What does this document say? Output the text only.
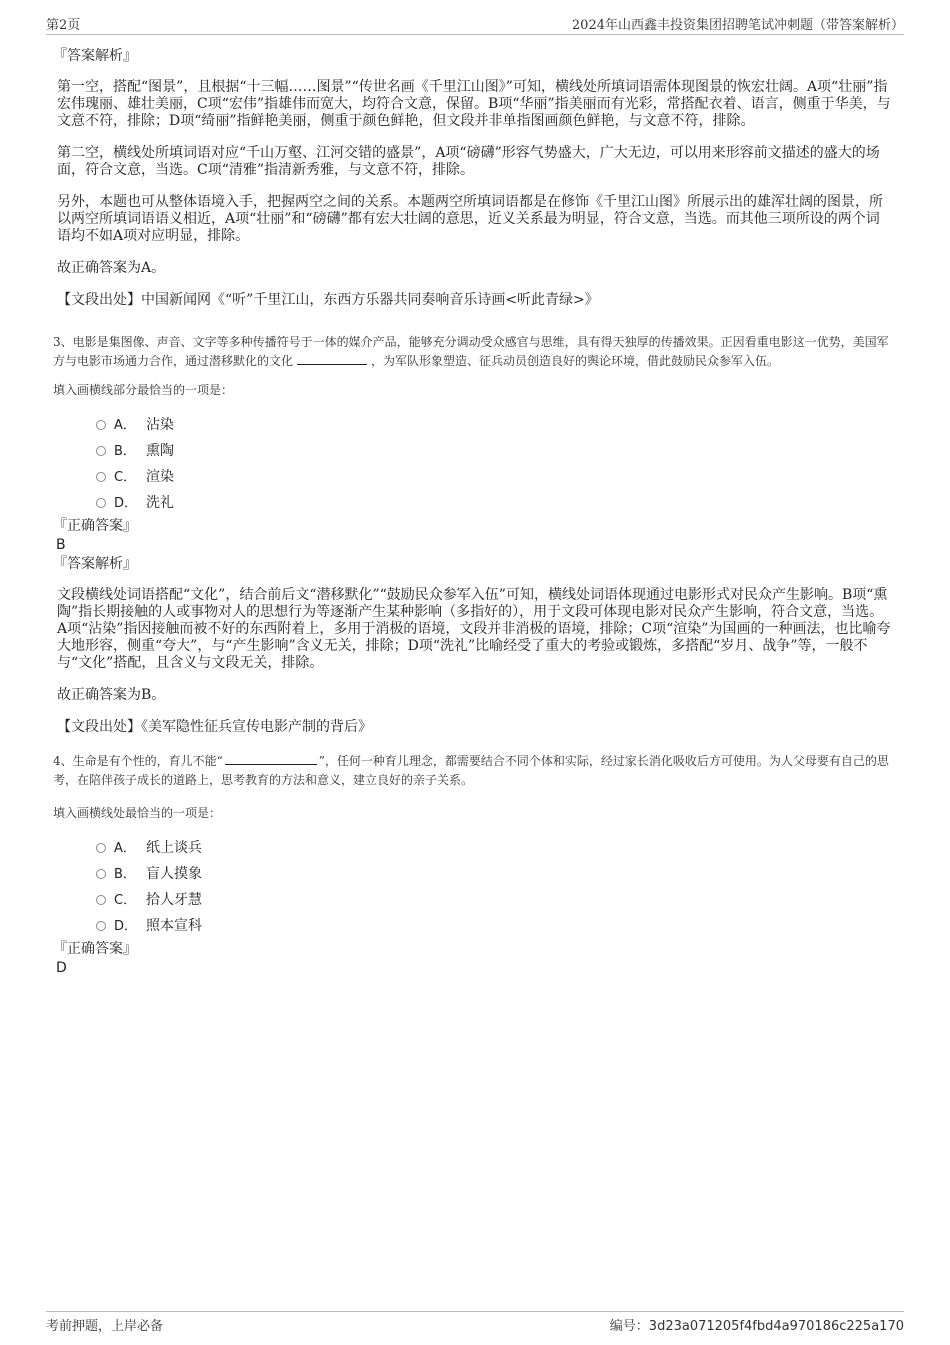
第2页	2024年山西鑫丰投资集团招聘笔试冲刺题（带答案解析）
『答案解析』

第一空，搭配“图景”，且根据“十三幅……图景”“传世名画《千里江山图》”可知，横线处所填词语需体现图景的恢宏壮阔。A项“壮丽”指宏伟瑰丽、雄壮美丽，C项“宏伟”指雄伟而宽大，均符合文意，保留。B项“华丽”指美丽而有光彩，常搭配衣着、语言，侧重于华美，与文意不符，排除；D项“绮丽”指鲜艳美丽，侧重于颜色鲜艳，但文段并非单指图画颜色鲜艳，与文意不符，排除。

第二空，横线处所填词语对应“千山万壑、江河交错的盛景”，A项“磅礴”形容气势盛大，广大无边，可以用来形容前文描述的盛大的场面，符合文意，当选。C项“清雅”指清新秀雅，与文意不符，排除。

另外，本题也可从整体语境入手，把握两空之间的关系。本题两空所填词语都是在修饰《千里江山图》所展示出的雄浑壮阔的图景，所以两空所填词语语义相近，A项“壮丽”和“磅礴”都有宏大壮阔的意思，近义关系最为明显，符合文意，当选。而其他三项所设的两个词语均不如A项对应明显，排除。

故正确答案为A。

【文段出处】中国新闻网《“听”千里江山，东西方乐器共同奏响音乐诗画<听此青绿>》

3、电影是集图像、声音、文字等多种传播符号于一体的媒介产品，能够充分调动受众感官与思维，具有得天独厚的传播效果。正因看重电影这一优势，美国军方与电影市场通力合作，通过潜移默化的文化	，为军队形象塑造、征兵动员创造良好的舆论环境，借此鼓励民众参军入伍。

填入画横线部分最恰当的一项是：

A． 沾染
B． 熏陶
C． 渲染
D． 洗礼
『正确答案』
B
『答案解析』

文段横线处词语搭配“文化”，结合前后文“潜移默化”“鼓励民众参军入伍”可知，横线处词语体现通过电影形式对民众产生影响。B项“熏陶”指长期接触的人或事物对人的思想行为等逐渐产生某种影响（多指好的），用于文段可体现电影对民众产生影响，符合文意，当选。A项“沾染”指因接触而被不好的东西附着上，多用于消极的语境，文段并非消极的语境，排除；C项“渲染”为国画的一种画法，也比喻夸大地形容，侧重“夸大”，与“产生影响”含义无关，排除；D项“洗礼”比喻经受了重大的考验或锻炼，多搭配“岁月、战争”等，一般不与“文化”搭配，且含义与文段无关，排除。

故正确答案为B。

【文段出处】《美军隐性征兵宣传电影产制的背后》

4、生命是有个性的，育儿不能“	”，任何一种育儿理念，都需要结合不同个体和实际，经过家长消化吸收后方可使用。为人父母要有自己的思考，在陪伴孩子成长的道路上，思考教育的方法和意义，建立良好的亲子关系。

填入画横线处最恰当的一项是：

A． 纸上谈兵
B． 盲人摸象
C． 拾人牙慧
D． 照本宣科
『正确答案』
D
考前押题，上岸必备	编号：3d23a071205f4fbd4a970186c225a170
